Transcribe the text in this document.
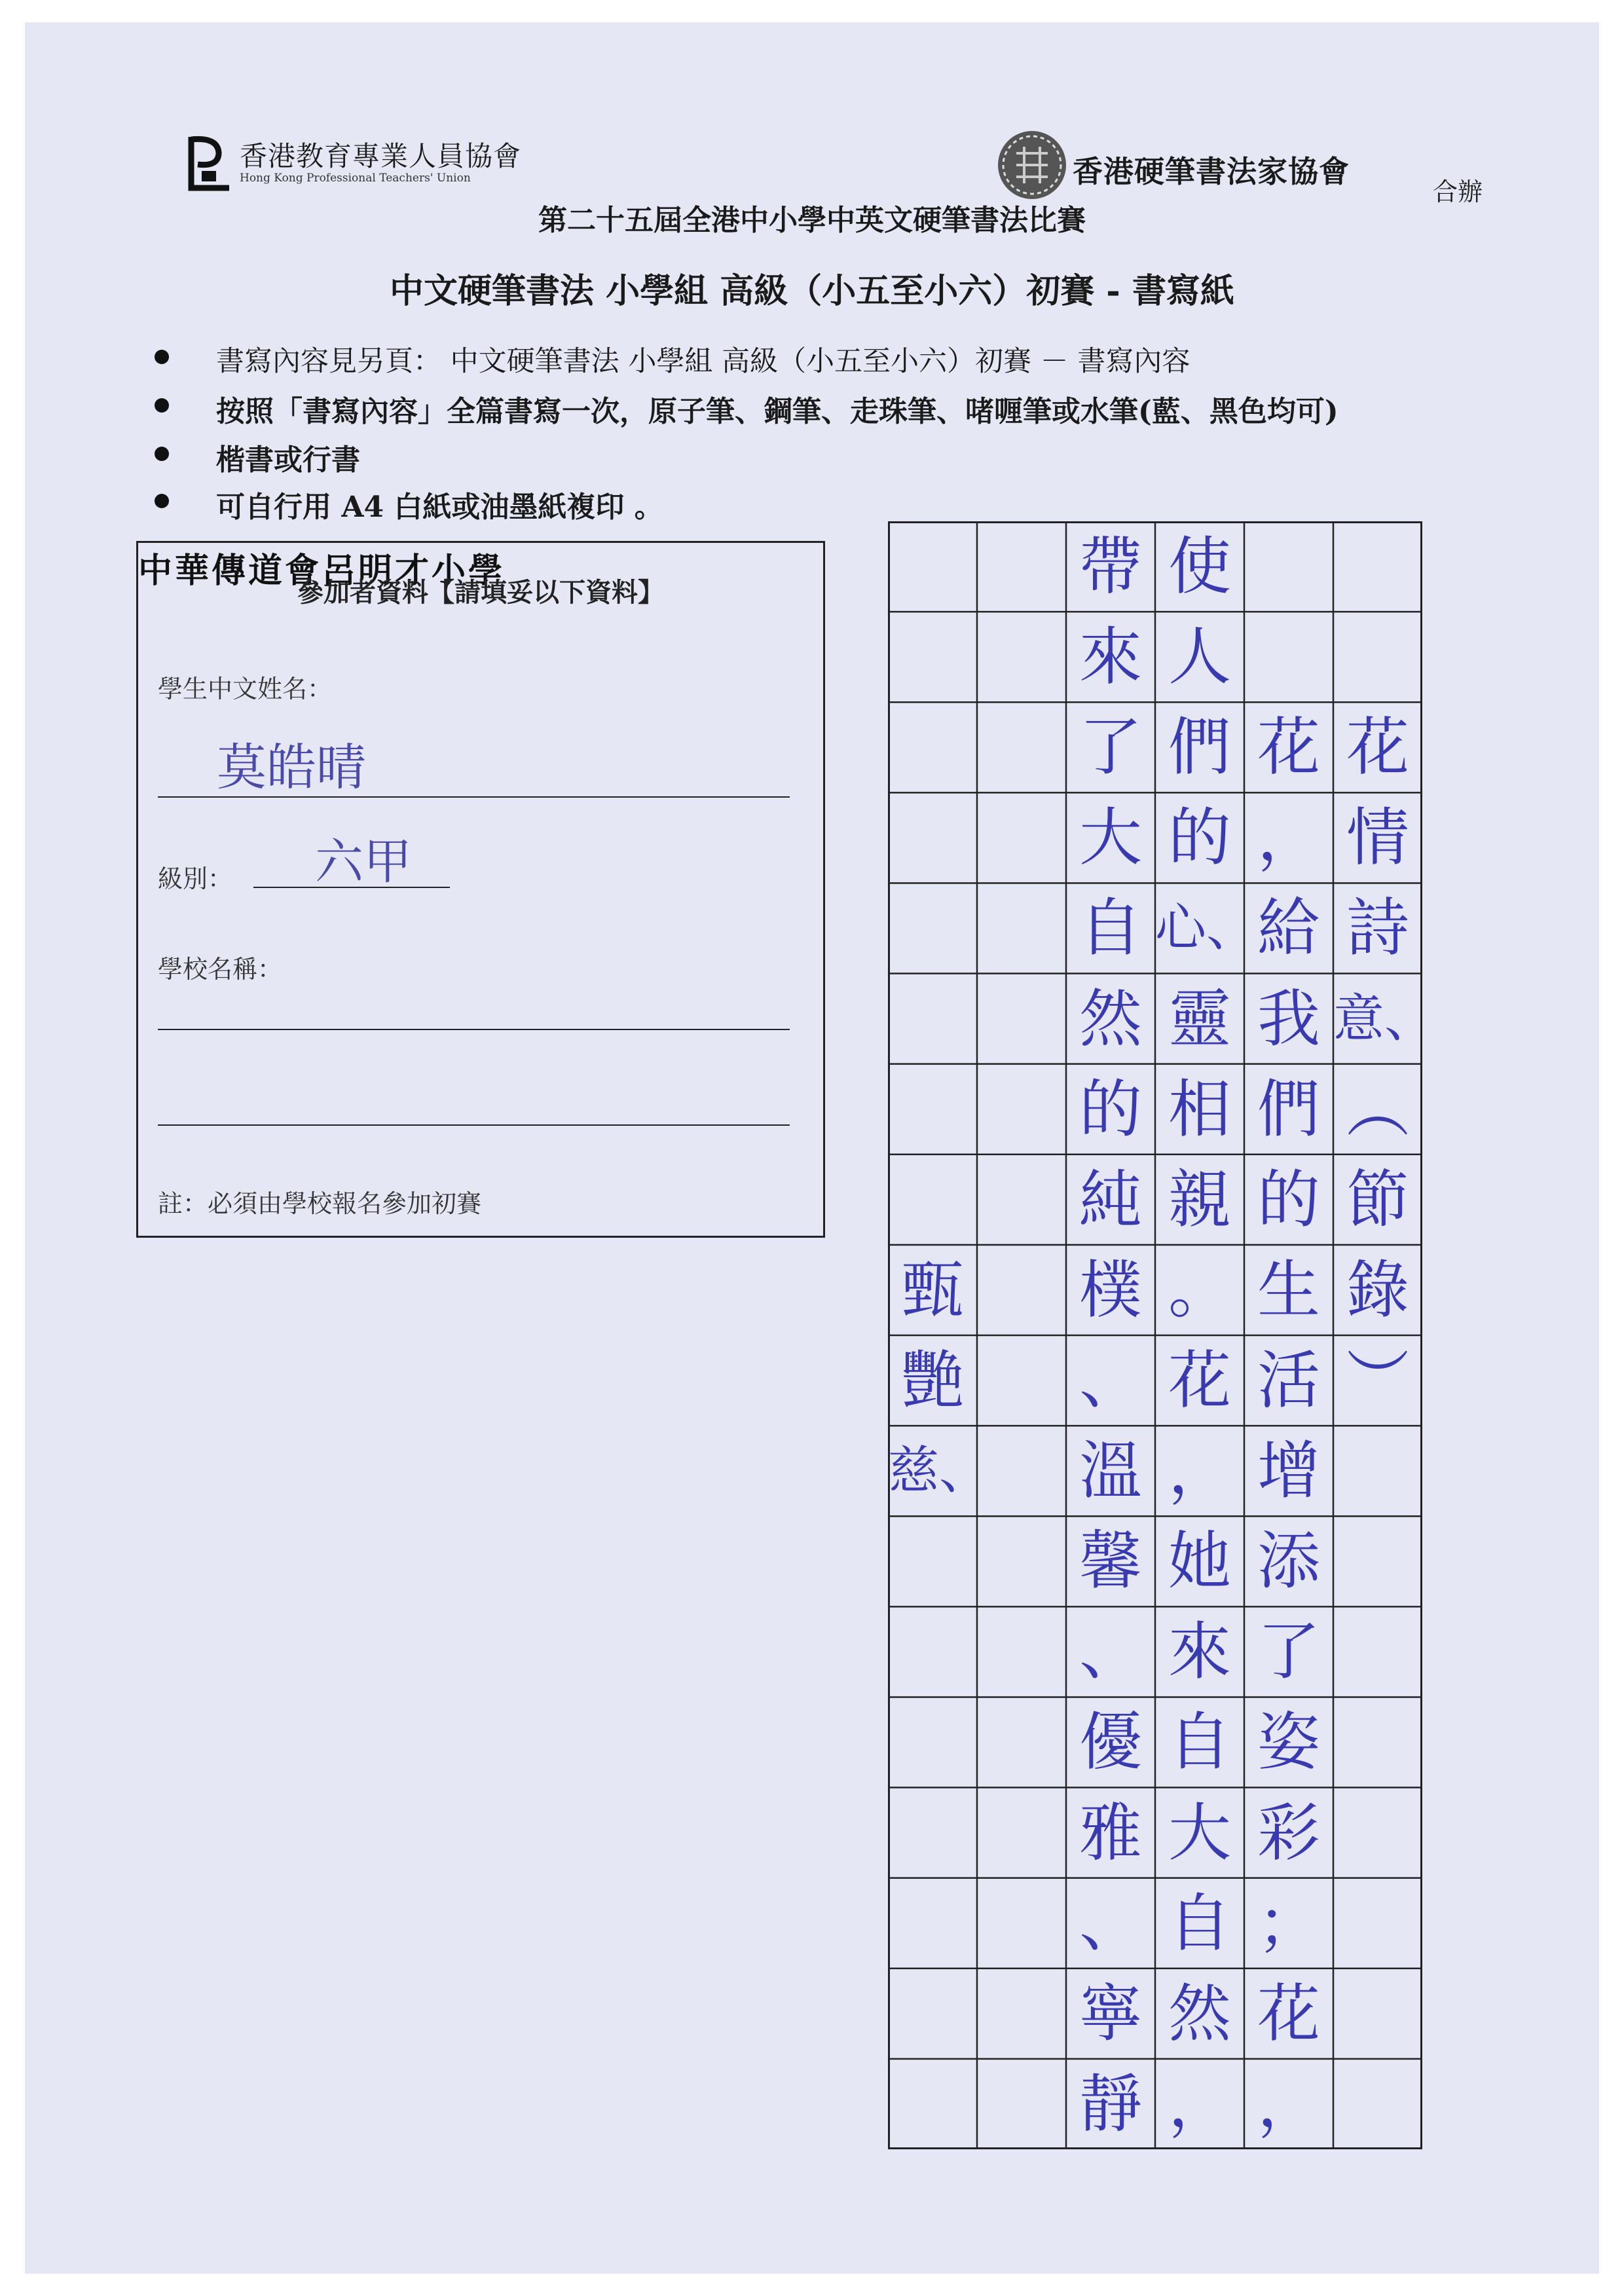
香港教育專業人員協會
Hong Kong Professional Teachers' Union	香港硬筆書法家協會
合辦
第二十五屆全港中小學中英文硬筆書法比賽
中文硬筆書法 小學組 高級（小五至小六）初賽 - 書寫紙
書寫內容見另頁： 中文硬筆書法 小學組 高級（小五至小六）初賽 － 書寫內容
按照「書寫內容」全篇書寫一次，原子筆、鋼筆、走珠筆、啫喱筆或水筆(藍、黑色均可)
楷書或行書
可自行用 A4 白紙或油墨紙複印 。
參加者資料【請填妥以下資料】
學生中文姓名：
莫皓晴
級別： 六甲
學校名稱：
中華傳道會呂明才小學
註：必須由學校報名參加初賽
花
情
詩
意、
︵
節
錄
︶
花
，
給
我
們
的
生
活
增
添
了
姿
彩
；
花
，
使
人
們
的
心、
靈
相
親
。
花
，
她
來
自
大
自
然
，
帶
來
了
大
自
然
的
純
樸
、
溫
馨
、
優
雅
、
寧
靜
甄
艷
慈、
